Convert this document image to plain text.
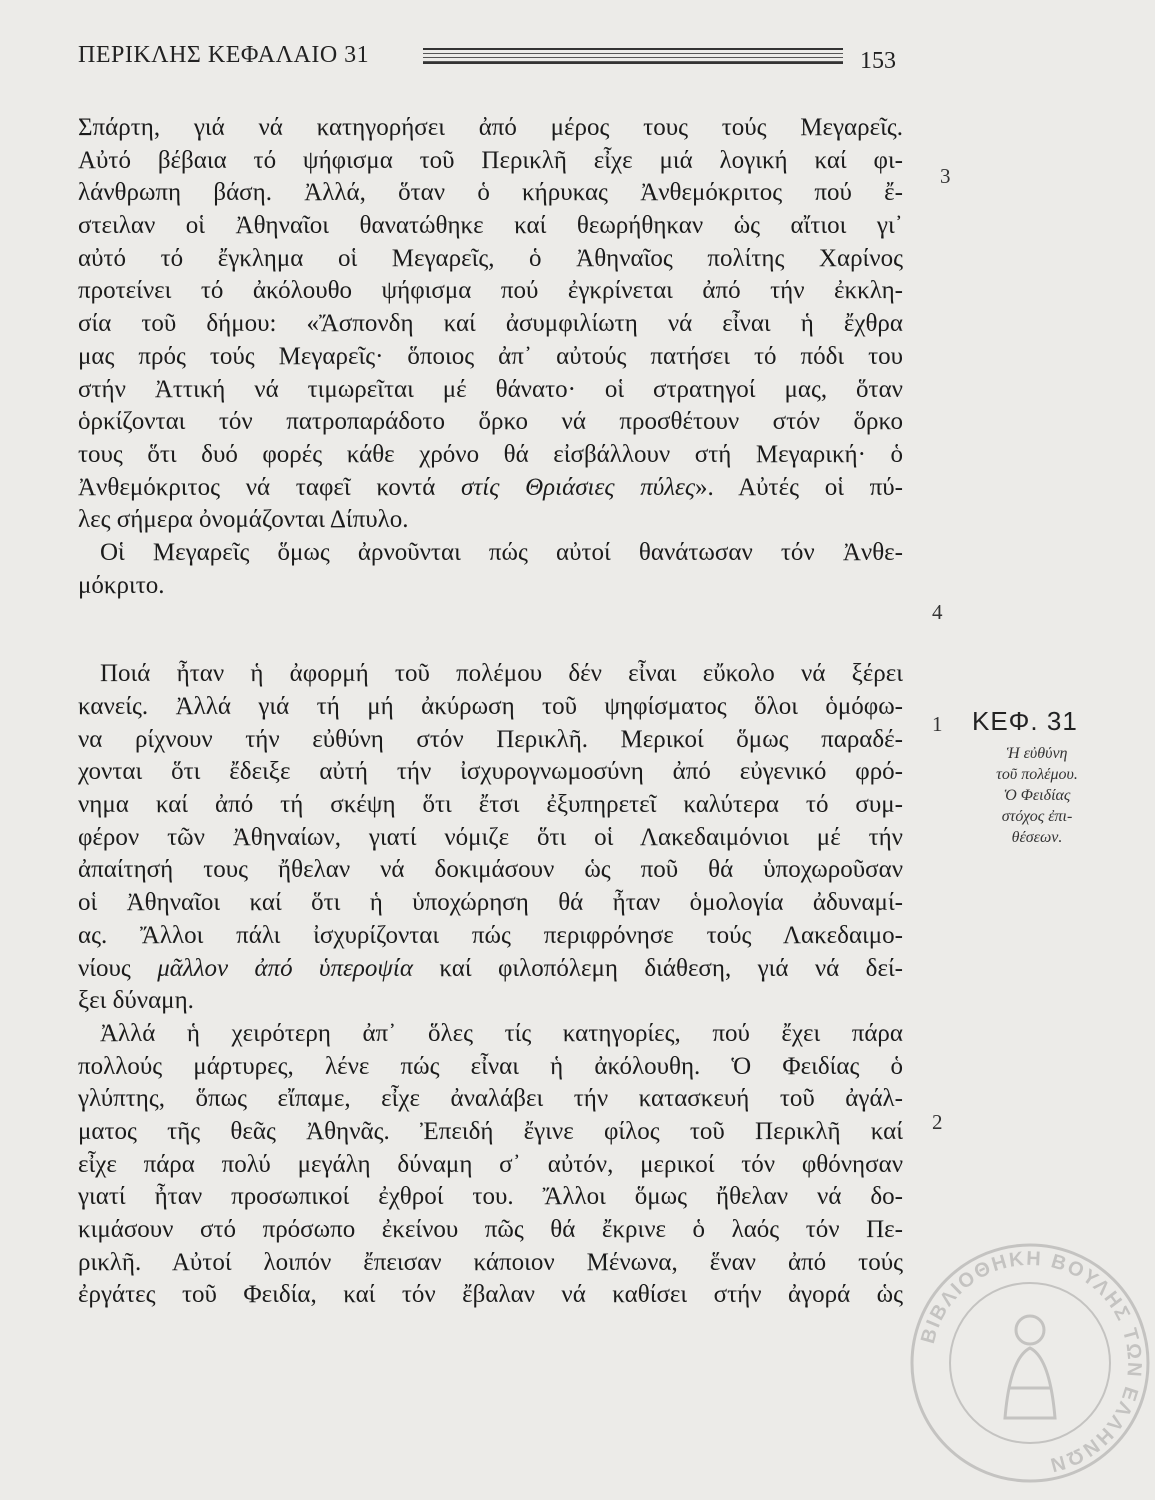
ΠΕΡΙΚΛΗΣ ΚΕΦΑΛΑΙΟ 31	153
Σπάρτη, γιά νά κατηγορήσει ἀπό μέρος τους τούς Μεγαρεῖς.
Αὐτό βέβαια τό ψήφισμα τοῦ Περικλῆ εἶχε μιά λογική καί φι-
λάνθρωπη βάση. Ἀλλά, ὅταν ὁ κήρυκας Ἀνθεμόκριτος πού ἔ-
στειλαν οἱ Ἀθηναῖοι θανατώθηκε καί θεωρήθηκαν ὡς αἴτιοι γι᾽
αὐτό τό ἔγκλημα οἱ Μεγαρεῖς, ὁ Ἀθηναῖος πολίτης Χαρίνος
προτείνει τό ἀκόλουθο ψήφισμα πού ἐγκρίνεται ἀπό τήν ἐκκλη-
σία τοῦ δήμου: «Ἄσπονδη καί ἀσυμφιλίωτη νά εἶναι ἡ ἔχθρα
μας πρός τούς Μεγαρεῖς· ὅποιος ἀπ᾽ αὐτούς πατήσει τό πόδι του
στήν Ἀττική νά τιμωρεῖται μέ θάνατο· οἱ στρατηγοί μας, ὅταν
ὁρκίζονται τόν πατροπαράδοτο ὅρκο νά προσθέτουν στόν ὅρκο
τους ὅτι δυό φορές κάθε χρόνο θά εἰσβάλλουν στή Μεγαρική· ὁ
Ἀνθεμόκριτος νά ταφεῖ κοντά στίς Θριάσιες πύλες». Αὐτές οἱ πύ-
λες σήμερα ὀνομάζονται Δίπυλο.
Οἱ Μεγαρεῖς ὅμως ἀρνοῦνται πώς αὐτοί θανάτωσαν τόν Ἀνθε-
μόκριτο.
Ποιά ἦταν ἡ ἀφορμή τοῦ πολέμου δέν εἶναι εὔκολο νά ξέρει
κανείς. Ἀλλά γιά τή μή ἀκύρωση τοῦ ψηφίσματος ὅλοι ὁμόφω-
να ρίχνουν τήν εὐθύνη στόν Περικλῆ. Μερικοί ὅμως παραδέ-
χονται ὅτι ἔδειξε αὐτή τήν ἰσχυρογνωμοσύνη ἀπό εὐγενικό φρό-
νημα καί ἀπό τή σκέψη ὅτι ἔτσι ἐξυπηρετεῖ καλύτερα τό συμ-
φέρον τῶν Ἀθηναίων, γιατί νόμιζε ὅτι οἱ Λακεδαιμόνιοι μέ τήν
ἀπαίτησή τους ἤθελαν νά δοκιμάσουν ὡς ποῦ θά ὑποχωροῦσαν
οἱ Ἀθηναῖοι καί ὅτι ἡ ὑποχώρηση θά ἦταν ὁμολογία ἀδυναμί-
ας. Ἄλλοι πάλι ἰσχυρίζονται πώς περιφρόνησε τούς Λακεδαιμο-
νίους μᾶλλον ἀπό ὑπεροψία καί φιλοπόλεμη διάθεση, γιά νά δεί-
ξει δύναμη.
Ἀλλά ἡ χειρότερη ἀπ᾽ ὅλες τίς κατηγορίες, πού ἔχει πάρα
πολλούς μάρτυρες, λένε πώς εἶναι ἡ ἀκόλουθη. Ὁ Φειδίας ὁ
γλύπτης, ὅπως εἴπαμε, εἶχε ἀναλάβει τήν κατασκευή τοῦ ἀγάλ-
ματος τῆς θεᾶς Ἀθηνᾶς. Ἐπειδή ἔγινε φίλος τοῦ Περικλῆ καί
εἶχε πάρα πολύ μεγάλη δύναμη σ᾽ αὐτόν, μερικοί τόν φθόνησαν
γιατί ἦταν προσωπικοί ἐχθροί του. Ἄλλοι ὅμως ἤθελαν νά δο-
κιμάσουν στό πρόσωπο ἐκείνου πῶς θά ἔκρινε ὁ λαός τόν Πε-
ρικλῆ. Αὐτοί λοιπόν ἔπεισαν κάποιον Μένωνα, ἕναν ἀπό τούς
ἐργάτες τοῦ Φειδία, καί τόν ἔβαλαν νά καθίσει στήν ἀγορά ὡς
3
4
1
2
ΚΕΦ. 31
Ἡ εὐθύνη
τοῦ πολέμου.
Ὁ Φειδίας
στόχος ἐπι-
θέσεων.
ΒΙΒΛΙΟΘΗΚΗ ΒΟΥΛΗΣ ΤΩΝ ΕΛΛΗΝΩΝ
